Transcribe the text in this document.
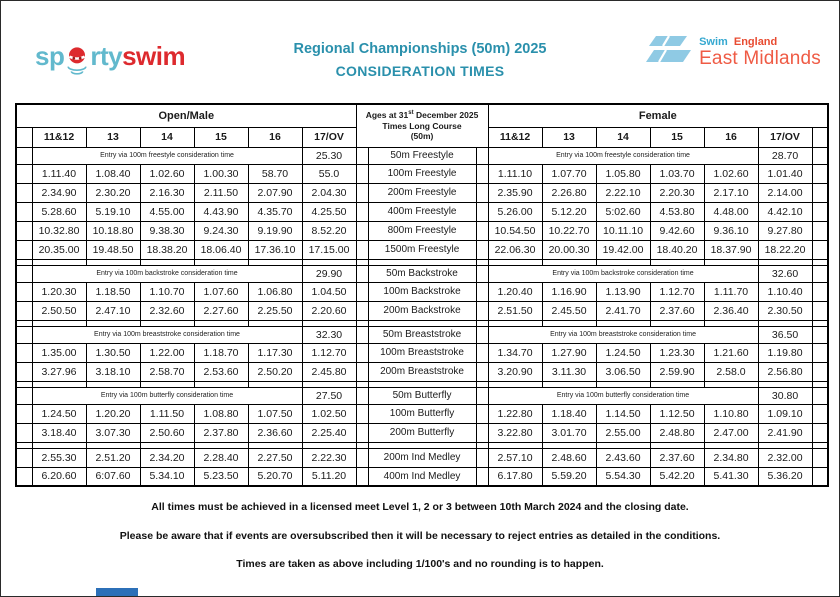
sp rty swim	Regional Championships (50m) 2025
CONSIDERATION TIMES
Swim England
East Midlands
Open/Male							Ages at 31st December 2025
Times Long Course
(50m)			Female						
	11&12	13	14	15	16	17/OV				11&12	13	14	15	16	17/OV	
	Entry via 100m freestyle consideration time					25.30		50m Freestyle		Entry via 100m freestyle consideration time					28.70	
	1.11.40	1.08.40	1.02.60	1.00.30	58.70	55.0		100m Freestyle		1.11.10	1.07.70	1.05.80	1.03.70	1.02.60	1.01.40	
	2.34.90	2.30.20	2.16.30	2.11.50	2.07.90	2.04.30		200m Freestyle		2.35.90	2.26.80	2.22.10	2.20.30	2.17.10	2.14.00	
	5.28.60	5.19.10	4.55.00	4.43.90	4.35.70	4.25.50		400m Freestyle		5.26.00	5.12.20	5:02.60	4.53.80	4.48.00	4.42.10	
	10.32.80	10.18.80	9.38.30	9.24.30	9.19.90	8.52.20		800m Freestyle		10.54.50	10.22.70	10.11.10	9.42.60	9.36.10	9.27.80	
	20.35.00	19.48.50	18.38.20	18.06.40	17.36.10	17.15.00		1500m Freestyle		22.06.30	20.00.30	19.42.00	18.40.20	18.37.90	18.22.20	

	Entry via 100m backstroke consideration time					29.90		50m Backstroke		Entry via 100m backstroke consideration time					32.60	
	1.20.30	1.18.50	1.10.70	1.07.60	1.06.80	1.04.50		100m Backstroke		1.20.40	1.16.90	1.13.90	1.12.70	1.11.70	1.10.40	
	2.50.50	2.47.10	2.32.60	2.27.60	2.25.50	2.20.60		200m Backstroke		2.51.50	2.45.50	2.41.70	2.37.60	2.36.40	2.30.50	

	Entry via 100m breaststroke consideration time					32.30		50m Breaststroke		Entry via 100m breaststroke consideration time					36.50	
	1.35.00	1.30.50	1.22.00	1.18.70	1.17.30	1.12.70		100m Breaststroke		1.34.70	1.27.90	1.24.50	1.23.30	1.21.60	1.19.80	
	3.27.96	3.18.10	2.58.70	2.53.60	2.50.20	2.45.80		200m Breaststroke		3.20.90	3.11.30	3.06.50	2.59.90	2.58.0	2.56.80	

	Entry via 100m butterfly consideration time					27.50		50m Butterfly		Entry via 100m butterfly consideration time					30.80	
	1.24.50	1.20.20	1.11.50	1.08.80	1.07.50	1.02.50		100m Butterfly		1.22.80	1.18.40	1.14.50	1.12.50	1.10.80	1.09.10	
	3.18.40	3.07.30	2.50.60	2.37.80	2.36.60	2.25.40		200m Butterfly		3.22.80	3.01.70	2.55.00	2.48.80	2.47.00	2.41.90	

	2.55.30	2.51.20	2.34.20	2.28.40	2.27.50	2.22.30		200m Ind Medley		2.57.10	2.48.60	2.43.60	2.37.60	2.34.80	2.32.00	
	6.20.60	6:07.60	5.34.10	5.23.50	5.20.70	5.11.20		400m Ind Medley		6.17.80	5.59.20	5.54.30	5.42.20	5.41.30	5.36.20	

All times must be achieved in a licensed meet Level 1, 2 or 3 between 10th March 2024 and the closing date.

Please be aware that if events are oversubscribed then it will be necessary to reject entries as detailed in the conditions.

Times are taken as above including 1/100's and no rounding is to happen.
